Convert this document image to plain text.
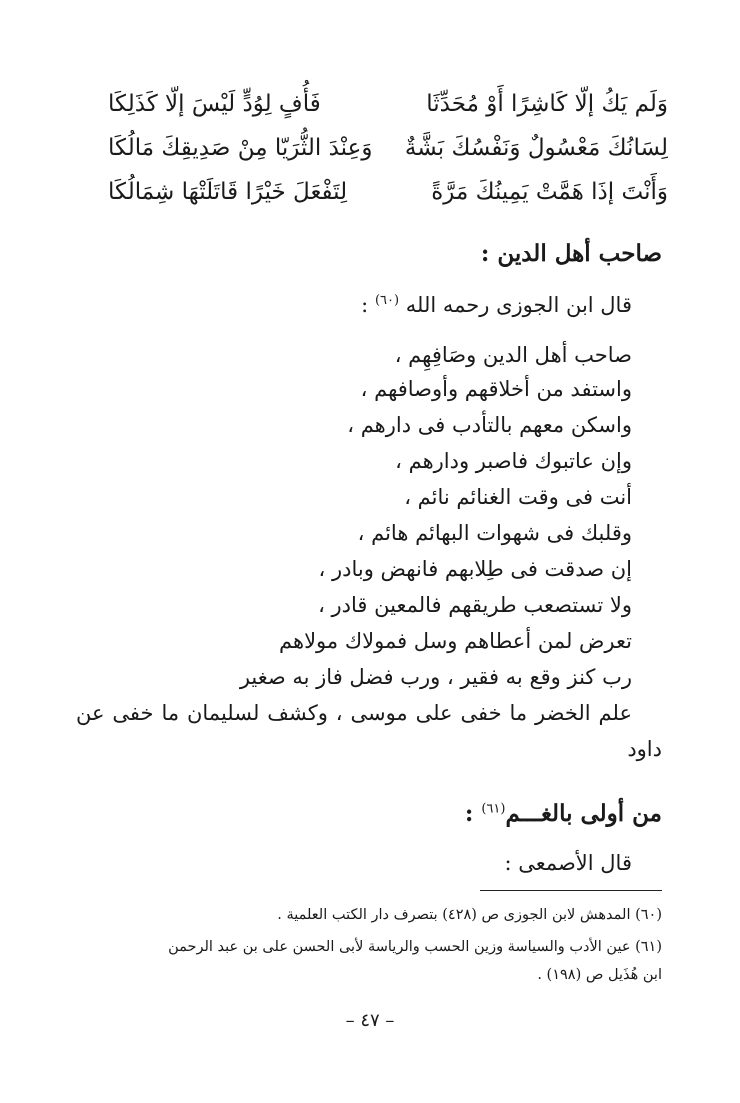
وَلَم يَكُ إلّا كَاشِرًا أَوْ مُحَدِّثَا
فَأُفٍ لِوُدٍّ لَيْسَ إلّا كَذَلِكَا
لِسَانُكَ مَعْسُولٌ وَنَفْسُكَ بَشَّةٌ
وَعِنْدَ الثُّرَيّا مِنْ صَدِيقِكَ مَالُكَا
وَأَنْتَ إذَا هَمَّتْ يَمِينُكَ مَرَّةً
لِتَفْعَلَ خَيْرًا قَاتَلَتْهَا شِمَالُكَا
صاحب أهل الدين :
قال ابن الجوزى رحمه الله $^{(٦٠)}$ :
صاحب أهل الدين وصَافِهِم ،
واستفد من أخلاقهم وأوصافهم ،
واسكن معهم بالتأدب فى دارهم ،
وإن عاتبوك فاصبر ودارهم ،
أنت فى وقت الغنائم نائم ،
وقلبك فى شهوات البهائم هائم ،
إن صدقت فى طِلابهم فانهض وبادر ،
ولا تستصعب طريقهم فالمعين قادر ،
تعرض لمن أعطاهم وسل فمولاك مولاهم
رب كنز وقع به فقير ، ورب فضل فاز به صغير
علم الخضر ما خفى على موسى ، وكشف لسليمان ما خفى عن
داود
من أولى بالغـــم$^{(٦١)}$ :
قال الأصمعى :
(٦٠) المدهش لابن الجوزى ص (٤٢٨) بتصرف دار الكتب العلمية .
(٦١) عين الأدب والسياسة وزين الحسب والرياسة لأبى الحسن على بن عبد الرحمن
ابن هُذَيل ص (١٩٨) .
– ٤٧ –
